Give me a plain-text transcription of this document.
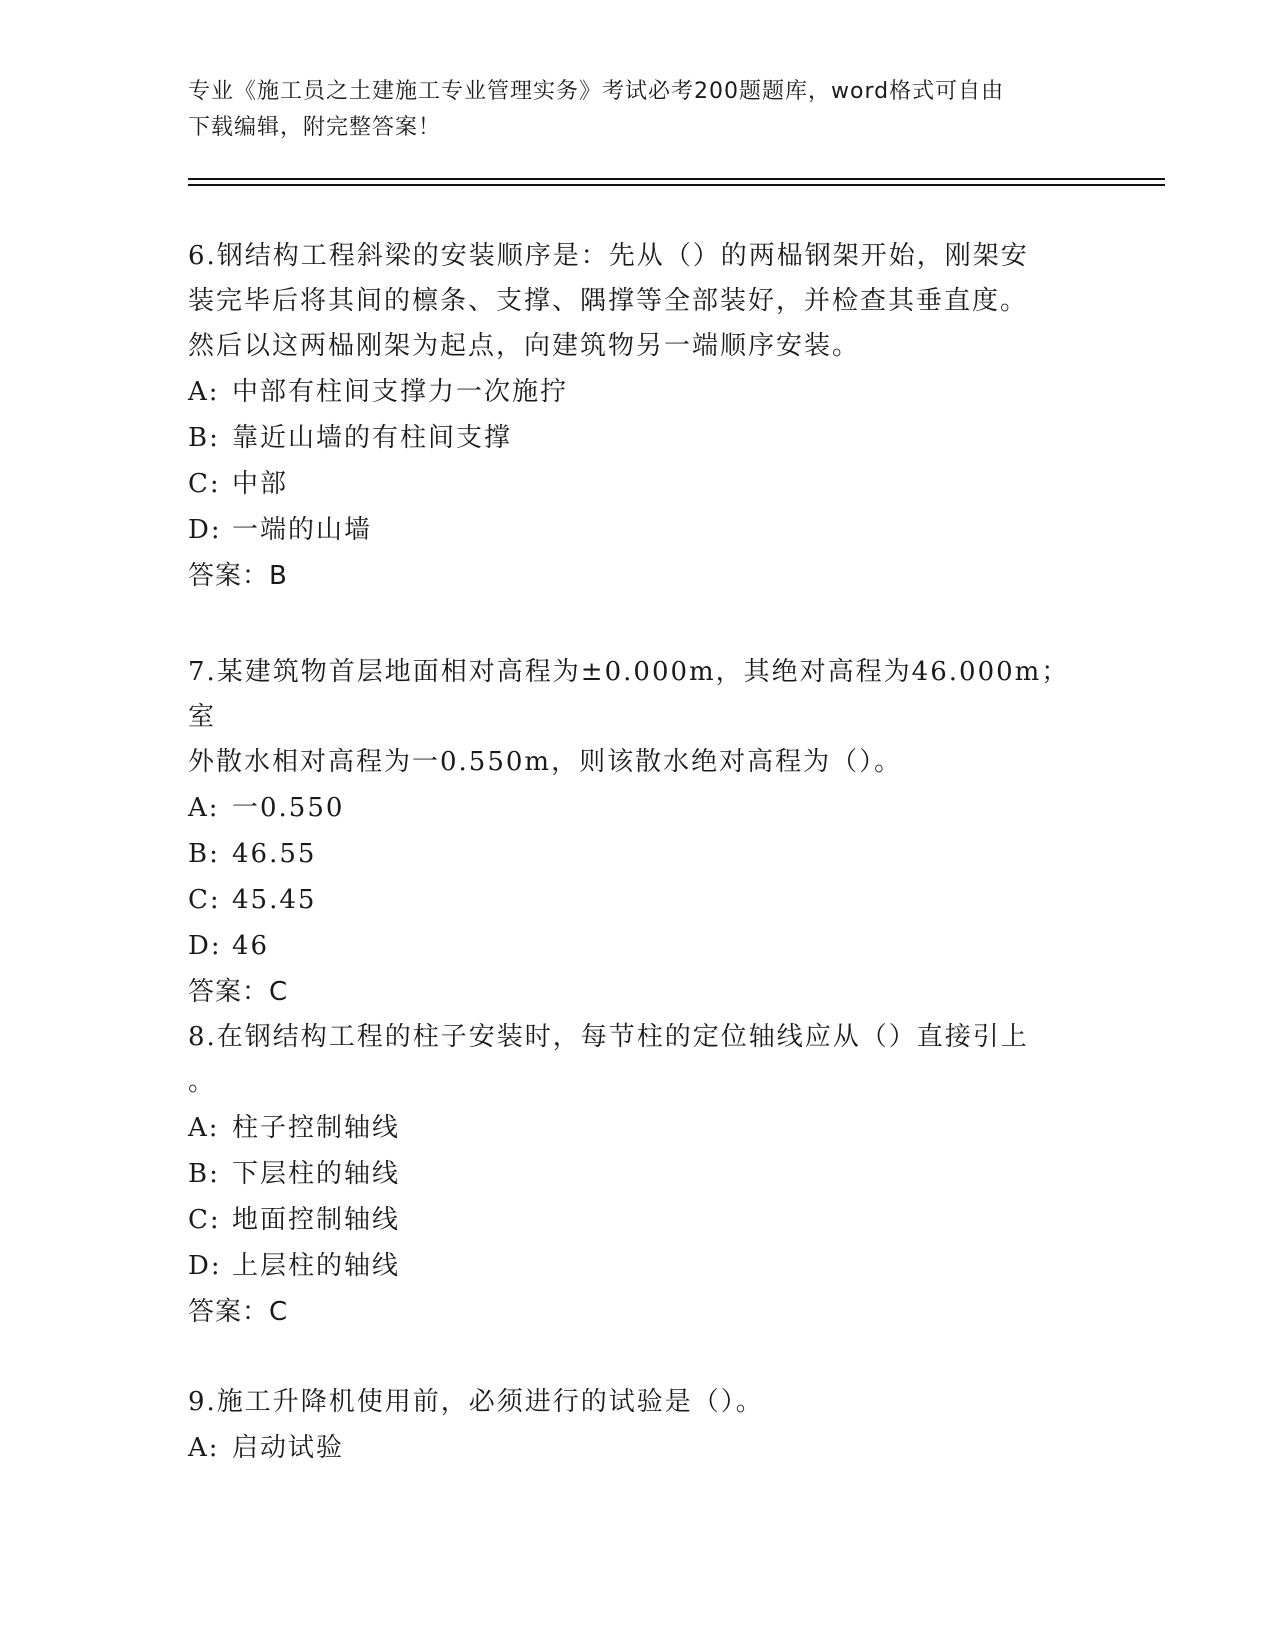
专业《施工员之土建施工专业管理实务》考试必考200题题库，word格式可自由
下载编辑，附完整答案！

6.钢结构工程斜梁的安装顺序是：先从（）的两榀钢架开始，刚架安

装完毕后将其间的檩条、支撑、隅撑等全部装好，并检查其垂直度。

然后以这两榀刚架为起点，向建筑物另一端顺序安装。

A: 中部有柱间支撑力一次施拧

B: 靠近山墙的有柱间支撑

C: 中部

D: 一端的山墙

答案：B

7.某建筑物首层地面相对高程为±0.000m，其绝对高程为46.000m；室

外散水相对高程为一0.550m，则该散水绝对高程为（）。

A: 一0.550

B: 46.55

C: 45.45

D: 46

答案：C

8.在钢结构工程的柱子安装时，每节柱的定位轴线应从（）直接引上

。

A: 柱子控制轴线

B: 下层柱的轴线

C: 地面控制轴线

D: 上层柱的轴线

答案：C

9.施工升降机使用前，必须进行的试验是（）。

A: 启动试验
